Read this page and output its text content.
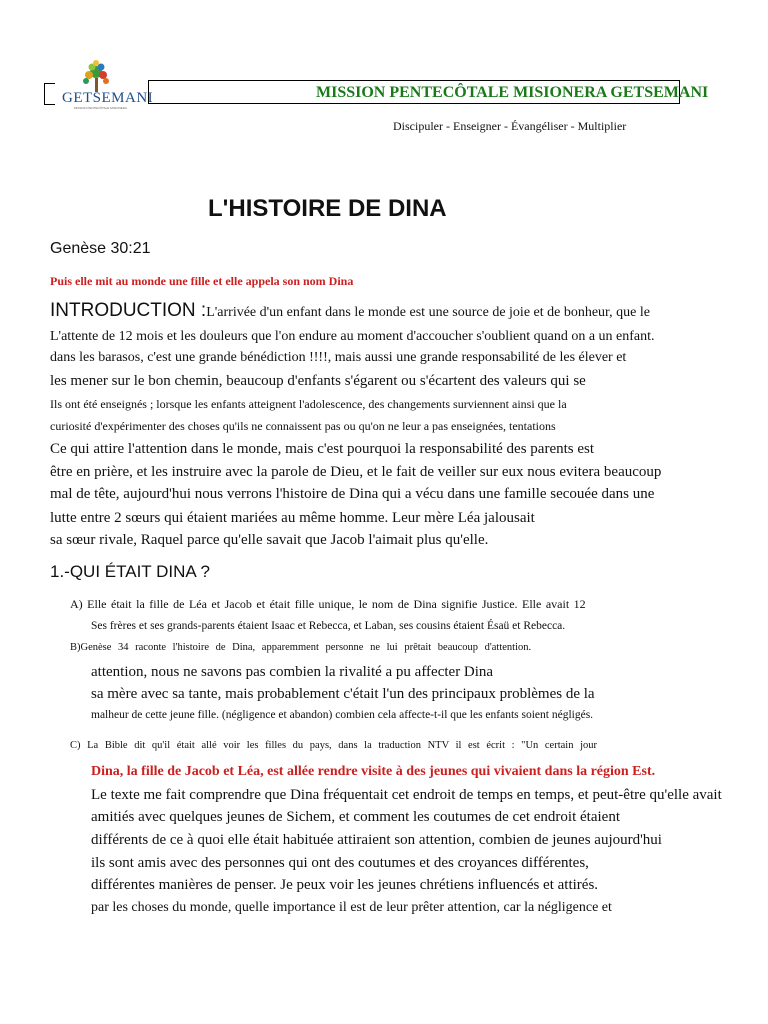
GETSEMANI
MISSION PENTECÔTALE MISIONERA
MISSION PENTECÔTALE MISIONERA GETSEMANI
Discipuler - Enseigner - Évangéliser - Multiplier
L'HISTOIRE DE DINA
Genèse 30:21
Puis elle mit au monde une fille et elle appela son nom Dina
INTRODUCTION :L'arrivée d'un enfant dans le monde est une source de joie et de bonheur, que le
L'attente de 12 mois et les douleurs que l'on endure au moment d'accoucher s'oublient quand on a un enfant.
dans les barasos, c'est une grande bénédiction !!!!, mais aussi une grande responsabilité de les élever et
les mener sur le bon chemin, beaucoup d'enfants s'égarent ou s'écartent des valeurs qui se
Ils ont été enseignés ; lorsque les enfants atteignent l'adolescence, des changements surviennent ainsi que la
curiosité d'expérimenter des choses qu'ils ne connaissent pas ou qu'on ne leur a pas enseignées, tentations
Ce qui attire l'attention dans le monde, mais c'est pourquoi la responsabilité des parents est
être en prière, et les instruire avec la parole de Dieu, et le fait de veiller sur eux nous evitera beaucoup
mal de tête, aujourd'hui nous verrons l'histoire de Dina qui a vécu dans une famille secouée dans une
lutte entre 2 sœurs qui étaient mariées au même homme. Leur mère Léa jalousait
sa sœur rivale, Raquel parce qu'elle savait que Jacob l'aimait plus qu'elle.
1.-QUI ÉTAIT DINA ?
A) Elle était la fille de Léa et Jacob et était fille unique, le nom de Dina signifie Justice. Elle avait 12
Ses frères et ses grands-parents étaient Isaac et Rebecca, et Laban, ses cousins étaient Ésaü et Rebecca.
B)Genèse 34 raconte l'histoire de Dina, apparemment personne ne lui prêtait beaucoup d'attention.
attention, nous ne savons pas combien la rivalité a pu affecter Dina
sa mère avec sa tante, mais probablement c'était l'un des principaux problèmes de la
malheur de cette jeune fille. (négligence et abandon) combien cela affecte-t-il que les enfants soient négligés.
C) La Bible dit qu'il était allé voir les filles du pays, dans la traduction NTV il est écrit : "Un certain jour
Dina, la fille de Jacob et Léa, est allée rendre visite à des jeunes qui vivaient dans la région Est.
Le texte me fait comprendre que Dina fréquentait cet endroit de temps en temps, et peut-être qu'elle avait
amitiés avec quelques jeunes de Sichem, et comment les coutumes de cet endroit étaient
différents de ce à quoi elle était habituée attiraient son attention, combien de jeunes aujourd'hui
ils sont amis avec des personnes qui ont des coutumes et des croyances différentes,
différentes manières de penser. Je peux voir les jeunes chrétiens influencés et attirés.
par les choses du monde, quelle importance il est de leur prêter attention, car la négligence et
